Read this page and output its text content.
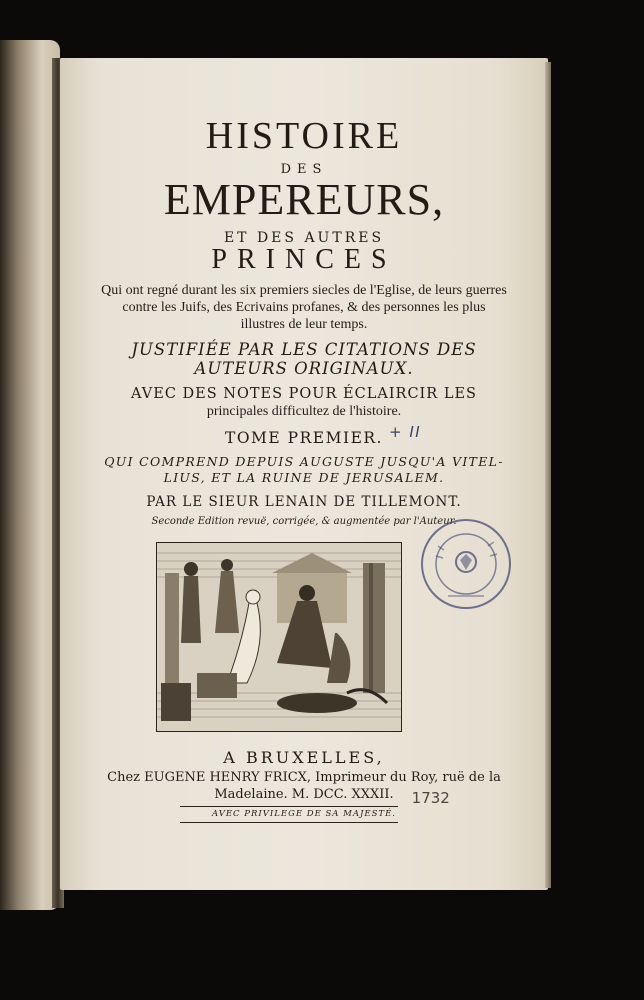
HISTOIRE
DES
EMPEREURS,
ET DES AUTRES
PRINCES
Qui ont regné durant les six premiers siecles de l'Eglise, de leurs guerres
contre les Juifs, des Ecrivains profanes, & des personnes les plus
illustres de leur temps.
JUSTIFIÉE PAR LES CITATIONS DES
AUTEURS ORIGINAUX.
AVEC DES NOTES POUR ÉCLAIRCIR LES
principales difficultez de l'histoire.
TOME PREMIER. + II
QUI COMPREND DEPUIS AUGUSTE JUSQU'A VITEL-
LIUS, ET LA RUINE DE JERUSALEM.
PAR LE SIEUR LENAIN DE TILLEMONT.
Seconde Edition revuë, corrigée, & augmentée par l'Auteur.
A BRUXELLES,
Chez EUGENE HENRY FRICX, Imprimeur du Roy, ruë de la
Madelaine. M. DCC. XXXII. 1732
AVEC PRIVILEGE DE SA MAJESTÉ.
